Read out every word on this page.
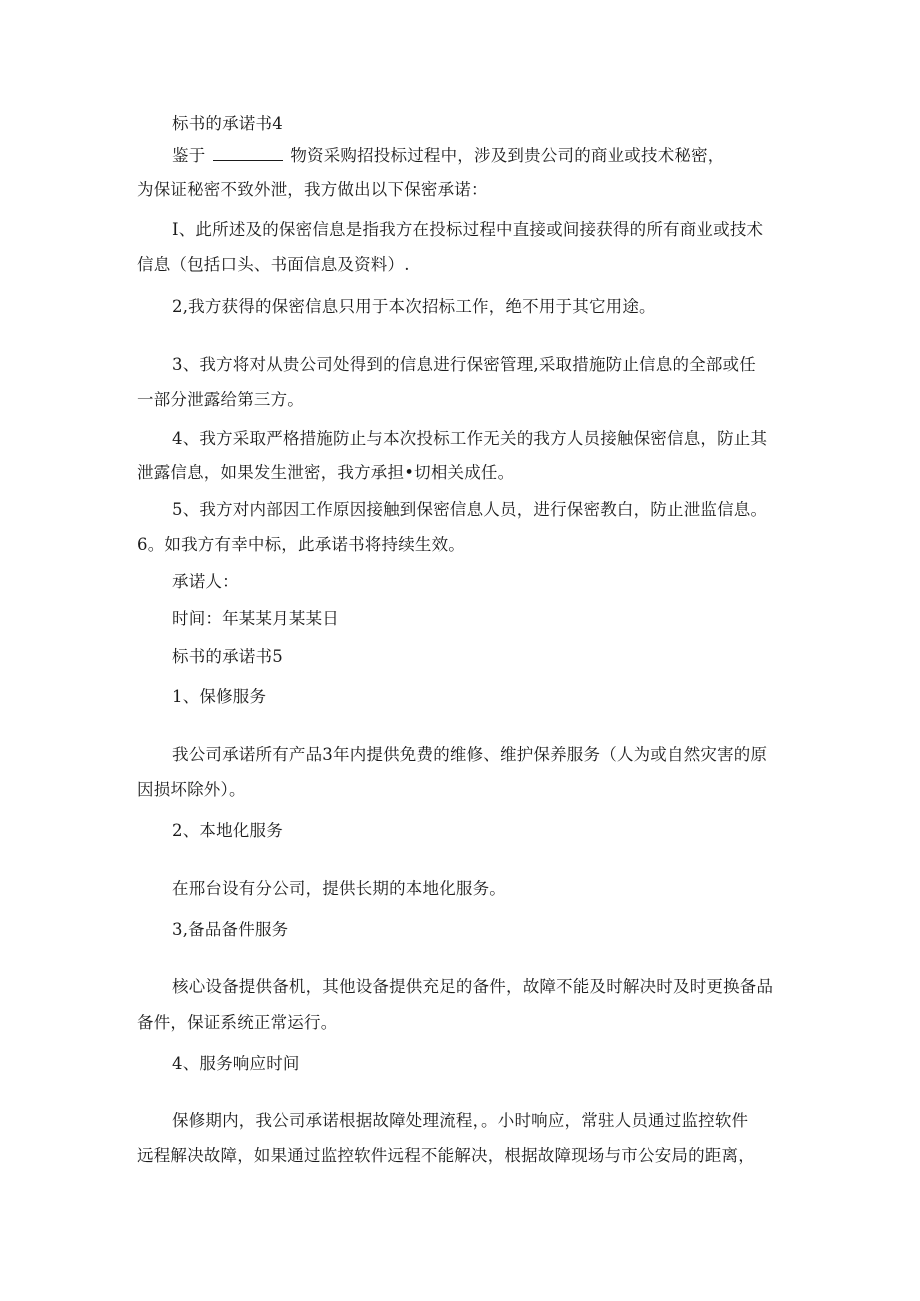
标书的承诺书4
鉴于	物资采购招投标过程中，涉及到贵公司的商业或技术秘密，
为保证秘密不致外泄，我方做出以下保密承诺：
I、此所述及的保密信息是指我方在投标过程中直接或间接获得的所有商业或技术
信息（包括口头、书面信息及资料）.
2,我方获得的保密信息只用于本次招标工作，绝不用于其它用途。
3、我方将对从贵公司处得到的信息进行保密管理,采取措施防止信息的全部或任
一部分泄露给第三方。
4、我方采取严格措施防止与本次投标工作无关的我方人员接触保密信息，防止其
泄露信息，如果发生泄密，我方承担•切相关成任。
5、我方对内部因工作原因接触到保密信息人员，进行保密教白，防止泄监信息。
6。如我方有幸中标，此承诺书将持续生效。
承诺人：
时间：年某某月某某日
标书的承诺书5
1、保修服务
我公司承诺所有产品3年内提供免费的维修、维护保养服务（人为或自然灾害的原
因损坏除外）。
2、本地化服务
在邢台设有分公司，提供长期的本地化服务。
3,备品备件服务
核心设备提供备机，其他设备提供充足的备件，故障不能及时解决时及时更换备品
备件，保证系统正常运行。
4、服务响应时间
保修期内，我公司承诺根据故障处理流程，。小时响应，常驻人员通过监控软件
远程解决故障，如果通过监控软件远程不能解决，根据故障现场与市公安局的距离，
